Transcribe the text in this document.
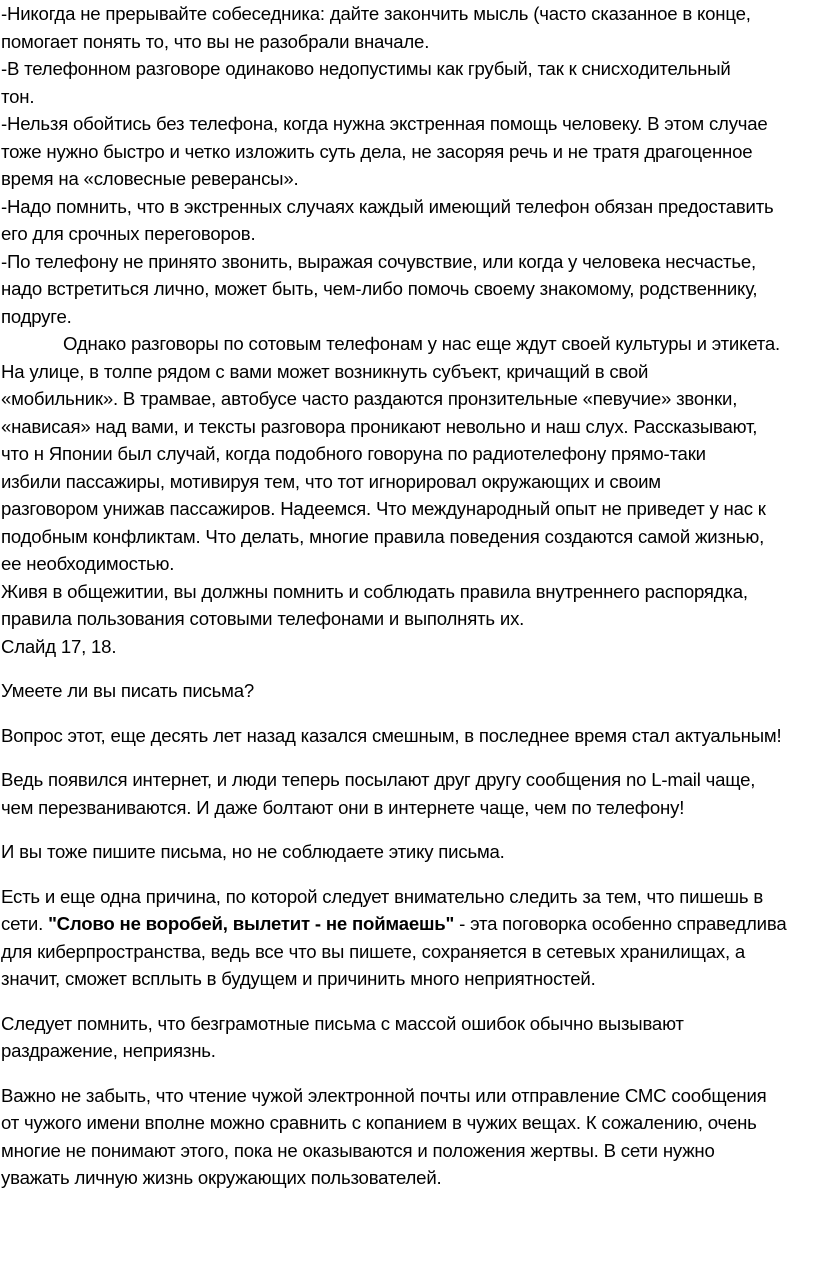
-Никогда не прерывайте собеседника: дайте закончить мысль (часто сказанное в конце,
помогает понять то, что вы не разобрали вначале.
-В телефонном разговоре одинаково недопустимы как грубый, так к снисходительный
тон.
-Нельзя обойтись без телефона, когда нужна экстренная помощь человеку. В этом случае
тоже нужно быстро и четко изложить суть дела, не засоряя речь и не тратя драгоценное
время на «словесные реверансы».
-Надо помнить, что в экстренных случаях каждый имеющий телефон обязан предоставить
его для срочных переговоров.
-По телефону не принято звонить, выражая сочувствие, или когда у человека несчастье,
надо встретиться лично, может быть, чем-либо помочь своему знакомому, родственнику,
подруге.
Однако разговоры по сотовым телефонам у нас еще ждут своей культуры и этикета.
На улице, в толпе рядом с вами может возникнуть субъект, кричащий в свой
«мобильник». В трамвае, автобусе часто раздаются пронзительные «певучие» звонки,
«нависая» над вами, и тексты разговора проникают невольно и наш слух. Рассказывают,
что н Японии был случай, когда подобного говоруна по радиотелефону прямо-таки
избили пассажиры, мотивируя тем, что тот игнорировал окружающих и своим
разговором унижав пассажиров. Надеемся. Что международный опыт не приведет у нас к
подобным конфликтам. Что делать, многие правила поведения создаются самой жизнью,
ее необходимостью.
Живя в общежитии, вы должны помнить и соблюдать правила внутреннего распорядка,
правила пользования сотовыми телефонами и выполнять их.
Слайд 17, 18.
Умеете ли вы писать письма?
Вопрос этот, еще десять лет назад казался смешным, в последнее время стал актуальным!
Ведь появился интернет, и люди теперь посылают друг другу сообщения no L-mail чаще,
чем перезваниваются. И даже болтают они в интернете чаще, чем по телефону!
И вы тоже пишите письма, но не соблюдаете этику письма.
Есть и еще одна причина, по которой следует внимательно следить за тем, что пишешь в
сети. "Слово не воробей, вылетит - не поймаешь" - эта поговорка особенно справедлива
для киберпространства, ведь все что вы пишете, сохраняется в сетевых хранилищах, а
значит, сможет всплыть в будущем и причинить много неприятностей.
Следует помнить, что безграмотные письма с массой ошибок обычно вызывают
раздражение, неприязнь.
Важно не забыть, что чтение чужой электронной почты или отправление СМС сообщения
от чужого имени вполне можно сравнить с копанием в чужих вещах. К сожалению, очень
многие не понимают этого, пока не оказываются и положения жертвы. В сети нужно
уважать личную жизнь окружающих пользователей.
